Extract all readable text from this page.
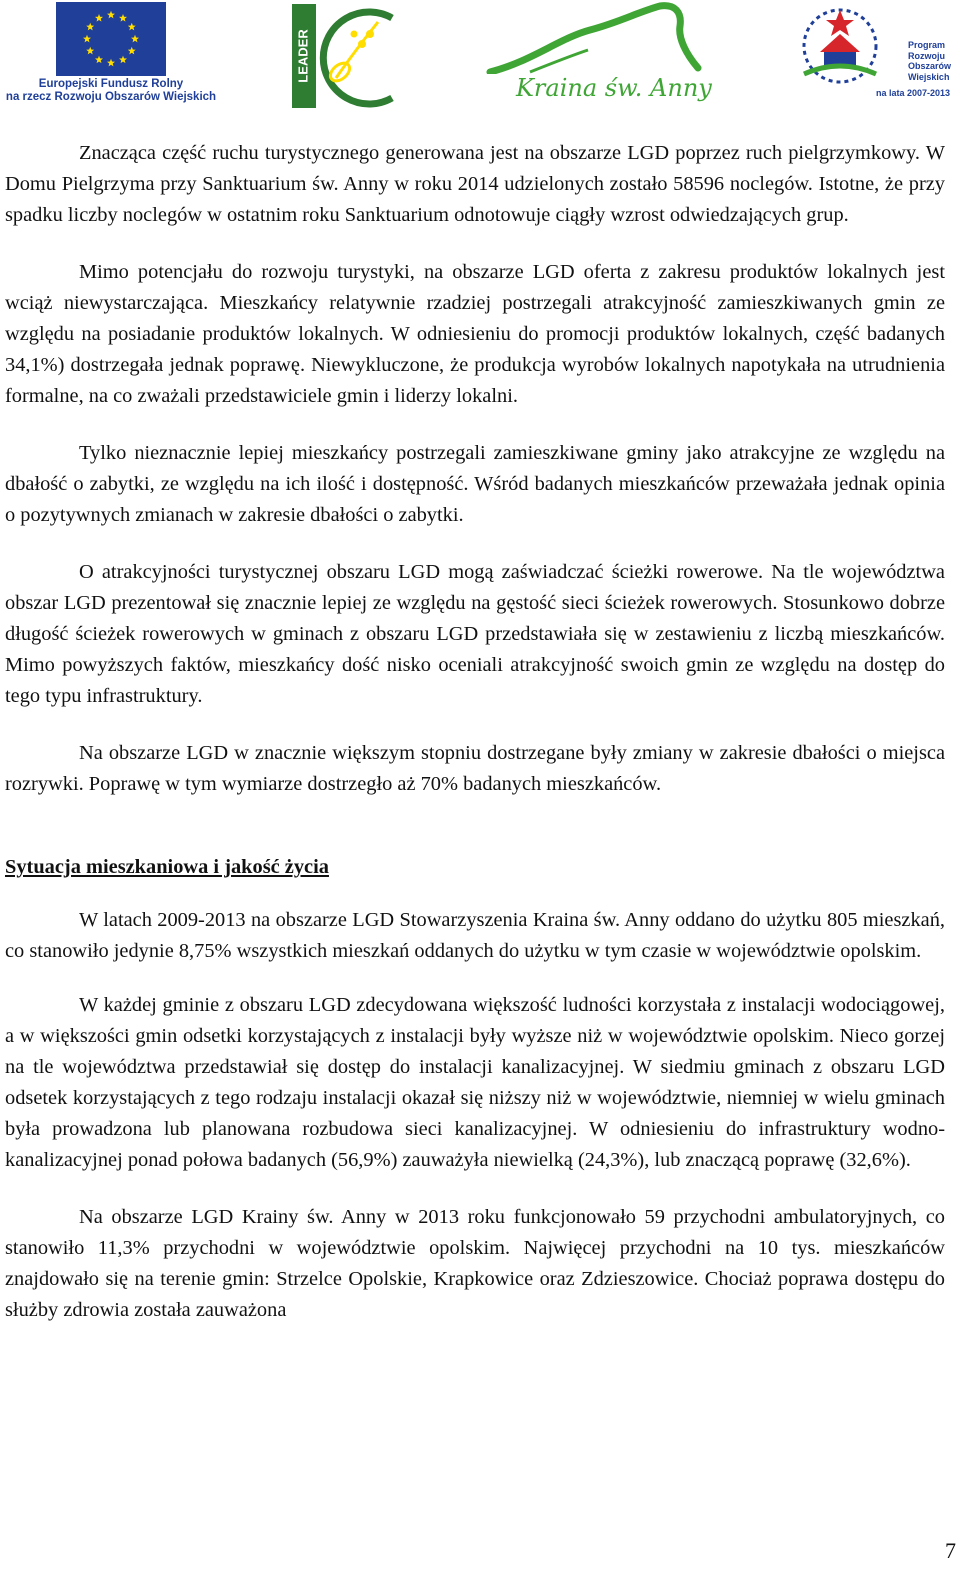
Europejski Fundusz Rolny
na rzecz Rozwoju Obszarów Wiejskich
LEADER
Kraina św. Anny
Program
Rozwoju
Obszarów
Wiejskich
na lata 2007-2013

Znacząca część ruchu turystycznego generowana jest na obszarze LGD poprzez ruch pielgrzymkowy. W Domu Pielgrzyma przy Sanktuarium św. Anny w roku 2014 udzielonych zostało 58596 noclegów. Istotne, że przy spadku liczby noclegów w ostatnim roku Sanktuarium odnotowuje ciągły wzrost odwiedzających grup.

Mimo potencjału do rozwoju turystyki, na obszarze LGD oferta z zakresu produktów lokalnych jest wciąż niewystarczająca. Mieszkańcy relatywnie rzadziej postrzegali atrakcyjność zamieszkiwanych gmin ze względu na posiadanie produktów lokalnych. W odniesieniu do promocji produktów lokalnych, część badanych 34,1%) dostrzegała jednak poprawę. Niewykluczone, że produkcja wyrobów lokalnych napotykała na utrudnienia formalne, na co zważali przedstawiciele gmin i liderzy lokalni.

Tylko nieznacznie lepiej mieszkańcy postrzegali zamieszkiwane gminy jako atrakcyjne ze względu na dbałość o zabytki, ze względu na ich ilość i dostępność. Wśród badanych mieszkańców przeważała jednak opinia o pozytywnych zmianach w zakresie dbałości o zabytki.

O atrakcyjności turystycznej obszaru LGD mogą zaświadczać ścieżki rowerowe. Na tle województwa obszar LGD prezentował się znacznie lepiej ze względu na gęstość sieci ścieżek rowerowych. Stosunkowo dobrze długość ścieżek rowerowych w gminach z obszaru LGD przedstawiała się w zestawieniu z liczbą mieszkańców. Mimo powyższych faktów, mieszkańcy dość nisko oceniali atrakcyjność swoich gmin ze względu na dostęp do tego typu infrastruktury.

Na obszarze LGD w znacznie większym stopniu dostrzegane były zmiany w zakresie dbałości o miejsca rozrywki. Poprawę w tym wymiarze dostrzegło aż 70% badanych mieszkańców.

Sytuacja mieszkaniowa i jakość życia

W latach 2009-2013 na obszarze LGD Stowarzyszenia Kraina św. Anny oddano do użytku 805 mieszkań, co stanowiło jedynie 8,75% wszystkich mieszkań oddanych do użytku w tym czasie w województwie opolskim.

W każdej gminie z obszaru LGD zdecydowana większość ludności korzystała z instalacji wodociągowej, a w większości gmin odsetki korzystających z instalacji były wyższe niż w województwie opolskim. Nieco gorzej na tle województwa przedstawiał się dostęp do instalacji kanalizacyjnej. W siedmiu gminach z obszaru LGD odsetek korzystających z tego rodzaju instalacji okazał się niższy niż w województwie, niemniej w wielu gminach była prowadzona lub planowana rozbudowa sieci kanalizacyjnej. W odniesieniu do infrastruktury wodno-kanalizacyjnej ponad połowa badanych (56,9%) zauważyła niewielką (24,3%), lub znaczącą poprawę (32,6%).

Na obszarze LGD Krainy św. Anny w 2013 roku funkcjonowało 59 przychodni ambulatoryjnych, co stanowiło 11,3% przychodni w województwie opolskim. Najwięcej przychodni na 10 tys. mieszkańców znajdowało się na terenie gmin: Strzelce Opolskie, Krapkowice oraz Zdzieszowice. Chociaż poprawa dostępu do służby zdrowia została zauważona

7
